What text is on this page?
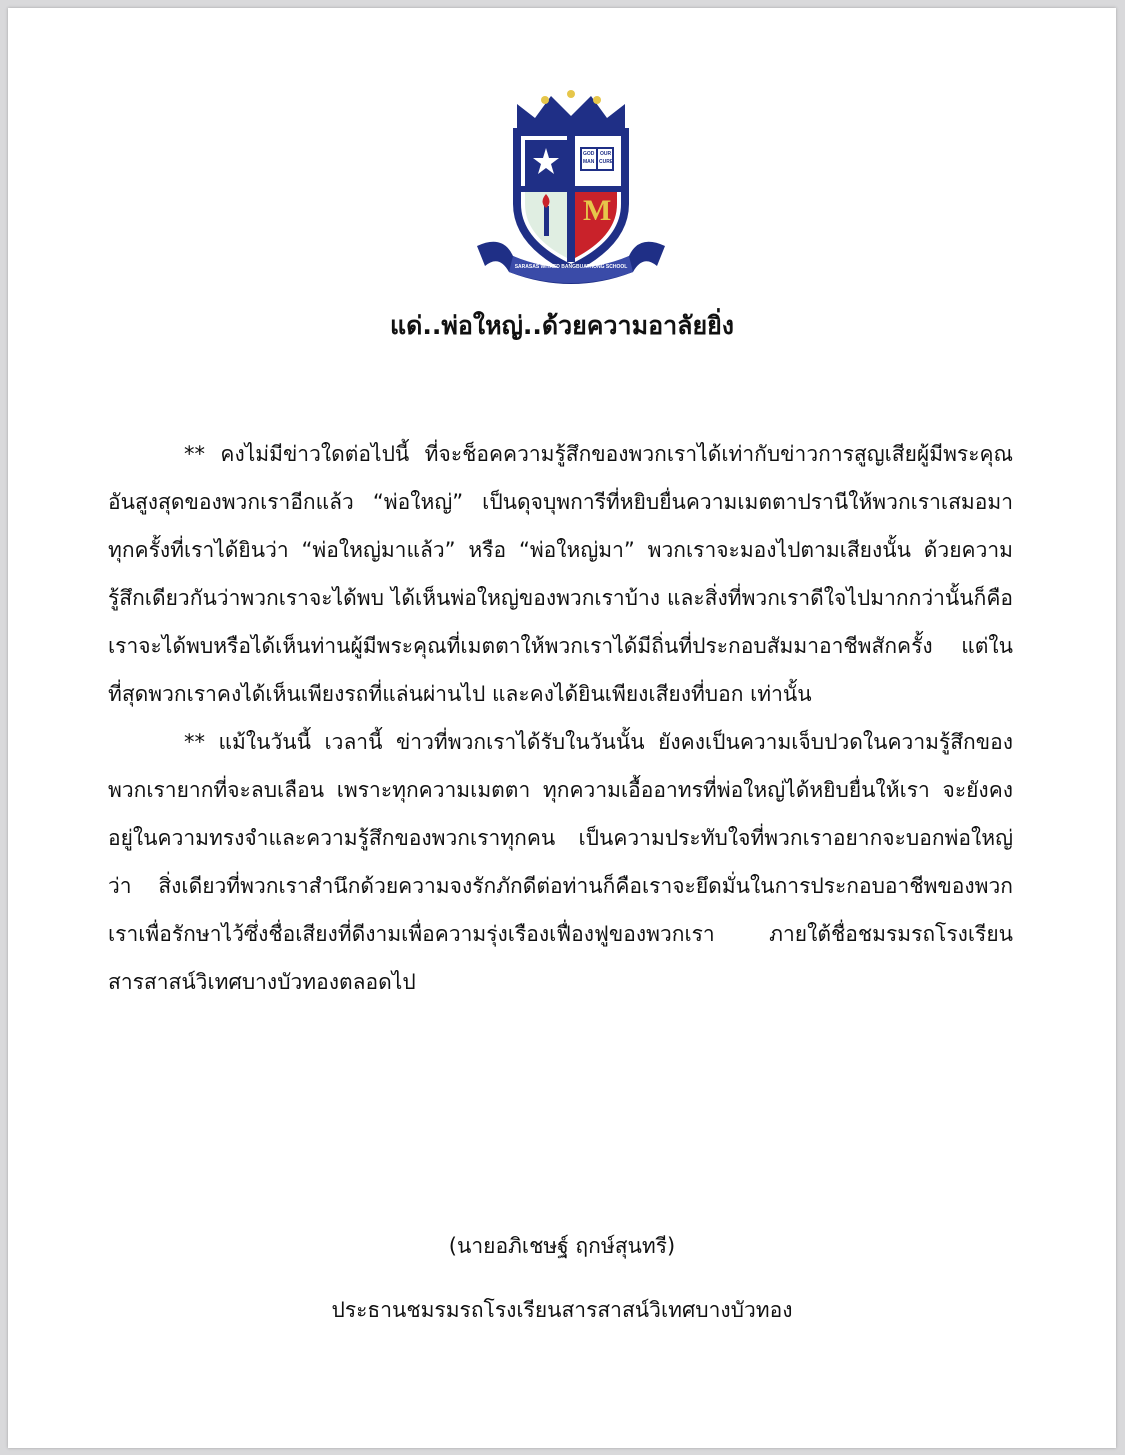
GOD OUR
MAN CURE
M
SARASAS WITAED BANGBUATHONG SCHOOL
แด่..พ่อใหญ่..ด้วยความอาลัยยิ่ง

** คงไม่มีข่าวใดต่อไปนี้ ที่จะช็อคความรู้สึกของพวกเราได้เท่ากับข่าวการสูญเสียผู้มีพระคุณอันสูงสุดของพวกเราอีกแล้ว “พ่อใหญ่” เป็นดุจบุพการีที่หยิบยื่นความเมตตาปรานีให้พวกเราเสมอมา ทุกครั้งที่เราได้ยินว่า “พ่อใหญ่มาแล้ว” หรือ “พ่อใหญ่มา” พวกเราจะมองไปตามเสียงนั้น ด้วยความรู้สึกเดียวกันว่าพวกเราจะได้พบ ได้เห็นพ่อใหญ่ของพวกเราบ้าง และสิ่งที่พวกเราดีใจไปมากกว่านั้นก็คือ เราจะได้พบหรือได้เห็นท่านผู้มีพระคุณที่เมตตาให้พวกเราได้มีถิ่นที่ประกอบสัมมาอาชีพสักครั้ง แต่ในที่สุดพวกเราคงได้เห็นเพียงรถที่แล่นผ่านไป และคงได้ยินเพียงเสียงที่บอก เท่านั้น

** แม้ในวันนี้ เวลานี้ ข่าวที่พวกเราได้รับในวันนั้น ยังคงเป็นความเจ็บปวดในความรู้สึกของพวกเรายากที่จะลบเลือน เพราะทุกความเมตตา ทุกความเอื้ออาทรที่พ่อใหญ่ได้หยิบยื่นให้เรา จะยังคงอยู่ในความทรงจำและความรู้สึกของพวกเราทุกคน เป็นความประทับใจที่พวกเราอยากจะบอกพ่อใหญ่ว่า สิ่งเดียวที่พวกเราสำนึกด้วยความจงรักภักดีต่อท่านก็คือเราจะยึดมั่นในการประกอบอาชีพของพวกเราเพื่อรักษาไว้ซึ่งชื่อเสียงที่ดีงามเพื่อความรุ่งเรืองเฟื่องฟูของพวกเรา ภายใต้ชื่อชมรมรถโรงเรียนสารสาสน์วิเทศบางบัวทองตลอดไป

(นายอภิเชษฐ์ ฤกษ์สุนทรี)

ประธานชมรมรถโรงเรียนสารสาสน์วิเทศบางบัวทอง
